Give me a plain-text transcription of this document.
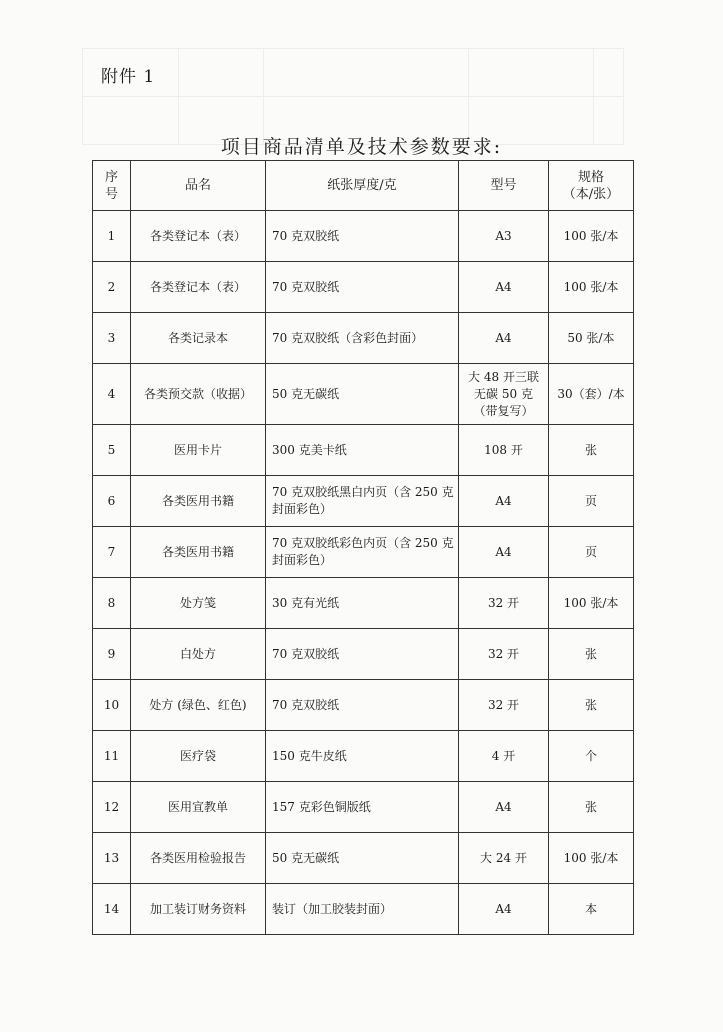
附件 1
项目商品清单及技术参数要求:
序
号	品名	纸张厚度/克	型号	规格
（本/张）
1	各类登记本（表）	70 克双胶纸	A3	100 张/本
2	各类登记本（表）	70 克双胶纸	A4	100 张/本
3	各类记录本	70 克双胶纸（含彩色封面）	A4	50 张/本
4	各类预交款（收据）	50 克无碳纸	大 48 开三联无碳 50 克（带复写）	30（套）/本
5	医用卡片	300 克美卡纸	108 开	张
6	各类医用书籍	70 克双胶纸黑白内页（含 250 克封面彩色）	A4	页
7	各类医用书籍	70 克双胶纸彩色内页（含 250 克封面彩色）	A4	页
8	处方笺	30 克有光纸	32 开	100 张/本
9	白处方	70 克双胶纸	32 开	张
10	处方 (绿色、红色)	70 克双胶纸	32 开	张
11	医疗袋	150 克牛皮纸	4 开	个
12	医用宣教单	157 克彩色铜版纸	A4	张
13	各类医用检验报告	50 克无碳纸	大 24 开	100 张/本
14	加工装订财务资料	装订（加工胶装封面）	A4	本
